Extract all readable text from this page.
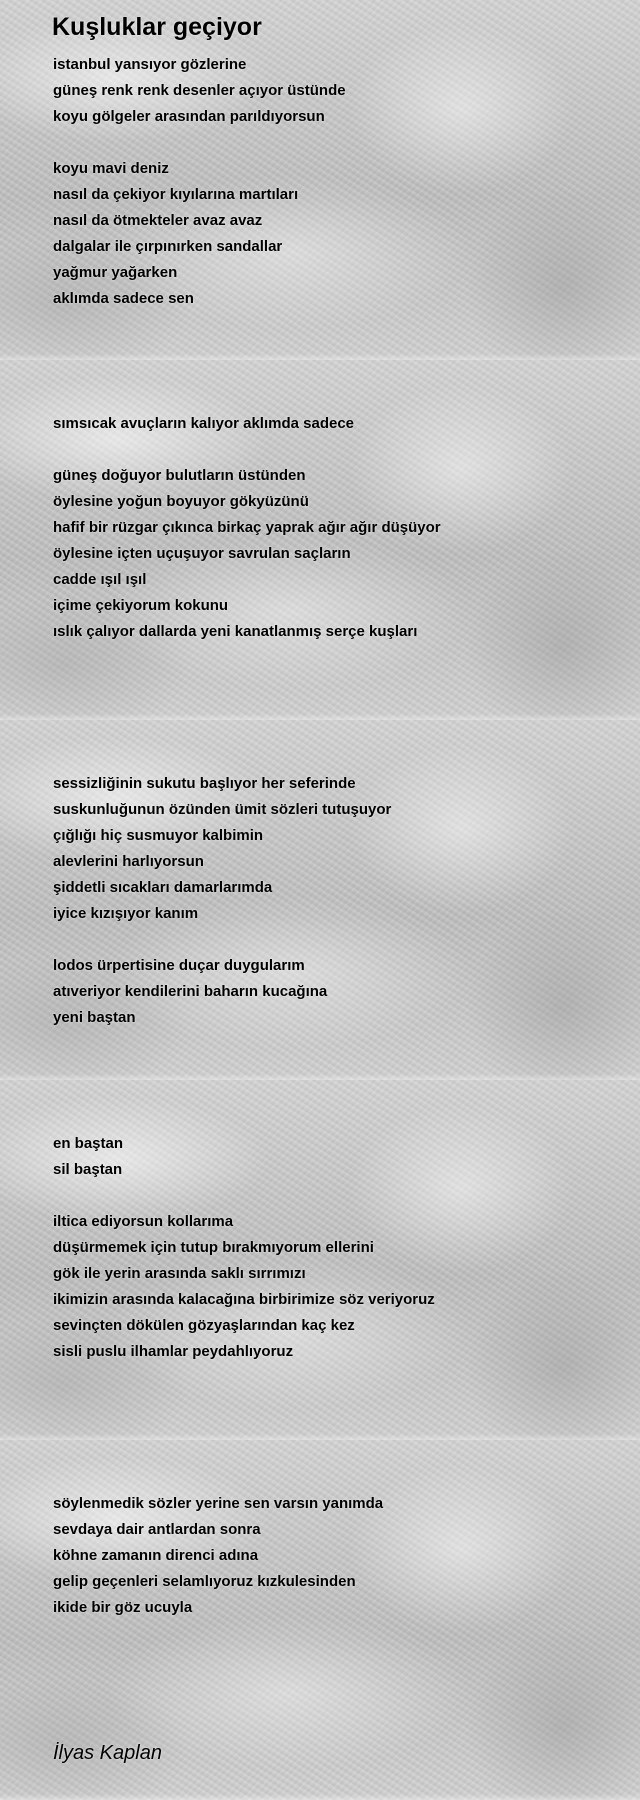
Kuşluklar geçiyor
istanbul yansıyor gözlerine
güneş renk renk desenler açıyor üstünde
koyu gölgeler arasından parıldıyorsun
koyu mavi deniz
nasıl da çekiyor kıyılarına martıları
nasıl da ötmekteler avaz avaz
dalgalar ile çırpınırken sandallar
yağmur yağarken
aklımda sadece sen
sımsıcak avuçların kalıyor aklımda sadece
güneş doğuyor bulutların üstünden
öylesine yoğun boyuyor gökyüzünü
hafif bir rüzgar çıkınca birkaç yaprak ağır ağır düşüyor
öylesine içten uçuşuyor savrulan saçların
cadde ışıl ışıl
içime çekiyorum kokunu
ıslık çalıyor dallarda yeni kanatlanmış serçe kuşları
sessizliğinin sukutu başlıyor her seferinde
suskunluğunun özünden ümit sözleri tutuşuyor
çığlığı hiç susmuyor kalbimin
alevlerini harlıyorsun
şiddetli sıcakları damarlarımda
iyice kızışıyor kanım
lodos ürpertisine duçar duygularım
atıveriyor kendilerini baharın kucağına
yeni baştan
en baştan
sil baştan
iltica ediyorsun kollarıma
düşürmemek için tutup bırakmıyorum ellerini
gök ile yerin arasında saklı sırrımızı
ikimizin arasında kalacağına birbirimize söz veriyoruz
sevinçten dökülen gözyaşlarından kaç kez
sisli puslu ilhamlar peydahlıyoruz
söylenmedik sözler yerine sen varsın yanımda
sevdaya dair antlardan sonra
köhne zamanın direnci adına
gelip geçenleri selamlıyoruz kızkulesinden
ikide bir göz ucuyla
İlyas Kaplan
